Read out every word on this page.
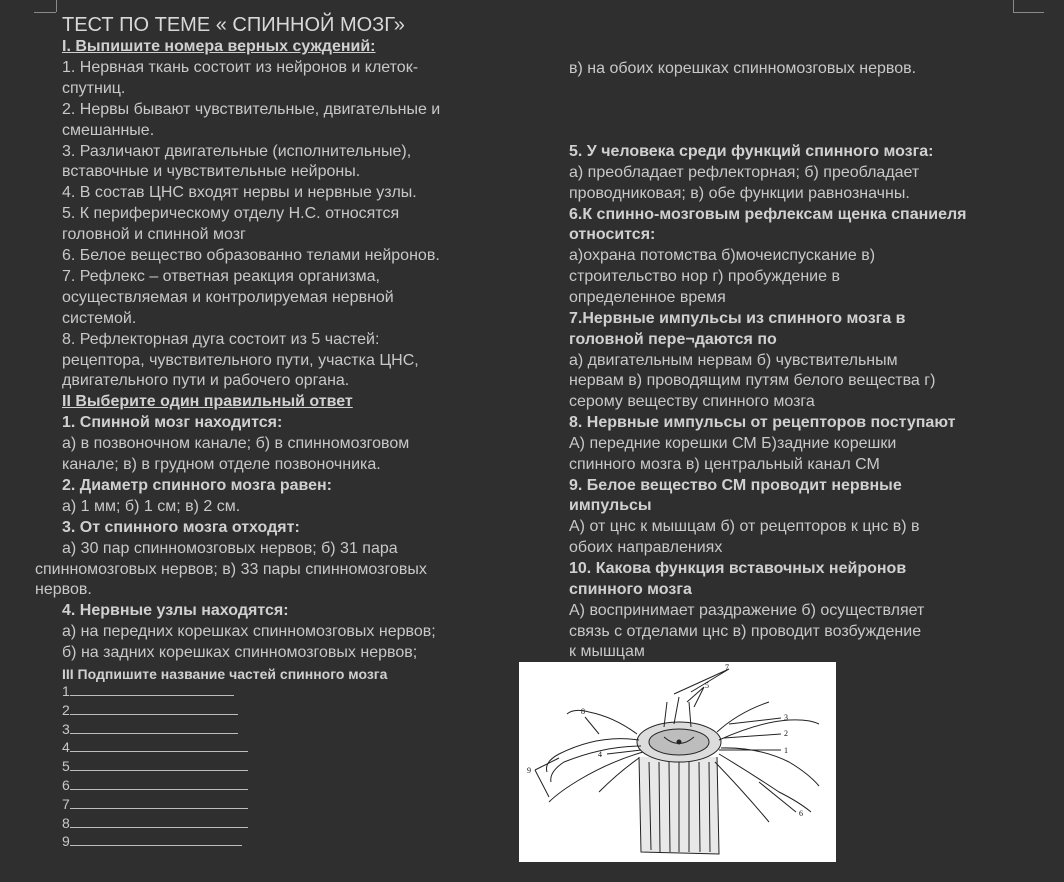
ТЕСТ ПО ТЕМЕ « СПИННОЙ МОЗГ»
I. Выпишите номера верных суждений:
1. Нервная ткань состоит из нейронов и клеток-
спутниц.
2. Нервы бывают чувствительные, двигательные и
смешанные.
3. Различают двигательные (исполнительные),
вставочные и чувствительные нейроны.
4. В состав ЦНС входят нервы и нервные узлы.
5. К периферическому отделу Н.С. относятся
головной и спинной мозг
6. Белое вещество образованно телами нейронов.
7. Рефлекс – ответная реакция организма,
осуществляемая и контролируемая нервной
системой.
8. Рефлекторная дуга состоит из 5 частей:
рецептора, чувствительного пути, участка ЦНС,
двигательного пути и рабочего органа.
II Выберите один правильный ответ
1. Спинной мозг находится:
а) в позвоночном канале; б) в спинномозговом
канале; в) в грудном отделе позвоночника.
2. Диаметр спинного мозга равен:
а) 1 мм; б) 1 см; в) 2 см.
3. От спинного мозга отходят:
а) 30 пар спинномозговых нервов; б) 31 пара
спинномозговых нервов; в) 33 пары спинномозговых
нервов.
4. Нервные узлы находятся:
а) на передних корешках спинномозговых нервов;
б) на задних корешках спинномозговых нервов;
1
2
3
4
5
6
7
8
9
III Подпишите название частей спинного мозга
в) на обоих корешках спинномозговых нервов.
5. У человека среди функций спинного мозга:
а) преобладает рефлекторная; б) преобладает
проводниковая; в) обе функции равнозначны.
6.К спинно-мозговым рефлексам щенка спаниеля
относится:
а)охрана потомства б)мочеиспускание в)
строительство нор г) пробуждение в
определенное время
7.Нервные импульсы из спинного мозга в
головной пере¬даются по
а) двигательным нервам б) чувствительным
нервам в) проводящим путям белого вещества г)
серому веществу спинного мозга
8. Нервные импульсы от рецепторов поступают
А) передние корешки СМ Б)задние корешки
спинного мозга в) центральный канал СМ
9. Белое вещество СМ проводит нервные
импульсы
А) от цнс к мышцам б) от рецепторов к цнс в) в
обоих направлениях
10. Какова функция вставочных нейронов
спинного мозга
А) воспринимает раздражение б) осуществляет
связь с отделами цнс в) проводит возбуждение
к мышцам
7
5
8
3
2
4	1
9
6
